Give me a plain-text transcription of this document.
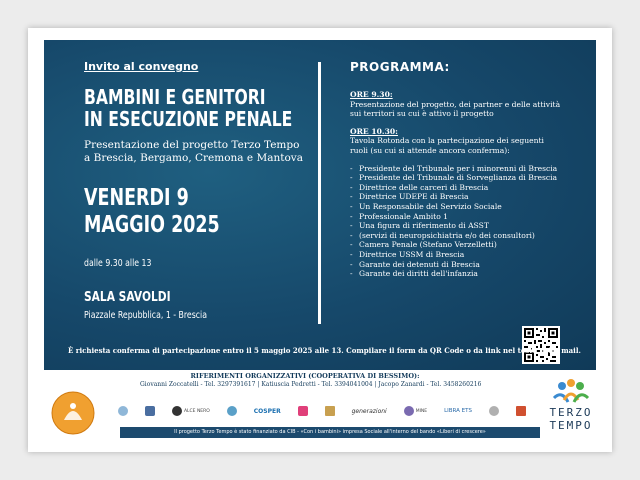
Invito al convegno
BAMBINI E GENITORI
IN ESECUZIONE PENALE
Presentazione del progetto Terzo Tempo
a Brescia, Bergamo, Cremona e Mantova
VENERDI 9
MAGGIO 2025
dalle 9.30 alle 13
SALA SAVOLDI
Piazzale Repubblica, 1 - Brescia
PROGRAMMA:

ORE 9.30:

Presentazione del progetto, dei partner e delle attività

sui territori su cui è attivo il progetto

ORE 10.30:

Tavola Rotonda con la partecipazione dei seguenti

ruoli (su cui si attende ancora conferma):

- Presidente del Tribunale per i minorenni di Brescia
- Presidente del Tribunale di Sorveglianza di Brescia
- Direttrice delle carceri di Brescia
- Direttrice UDEPE di Brescia
- Un Responsabile del Servizio Sociale
- Professionale Ambito 1
- Una figura di riferimento di ASST
- (servizi di neuropsichiatria e/o dei consultori)
- Camera Penale (Stefano Verzelletti)
- Direttrice USSM di Brescia
- Garante dei detenuti di Brescia
- Garante dei diritti dell'infanzia
È richiesta conferma di partecipazione entro il 5 maggio 2025 alle 13. Compilare il form da QR Code o da link nel testo della mail.
RIFERIMENTI ORGANIZZATIVI (COOPERATIVA DI BESSIMO):
Giovanni Zoccatelli - Tel. 3297391617 | Katiuscia Pedretti - Tel. 3394041004 | Jacopo Zanardi - Tel. 3458260216
ALCE NERO	COSPER	generazioni	MINE	LIBRA ETS
Il progetto Terzo Tempo è stato finanziato da CIB - «Con i bambini» impresa Sociale all'interno del bando «Liberi di crescere»
TERZO
TEMPO
